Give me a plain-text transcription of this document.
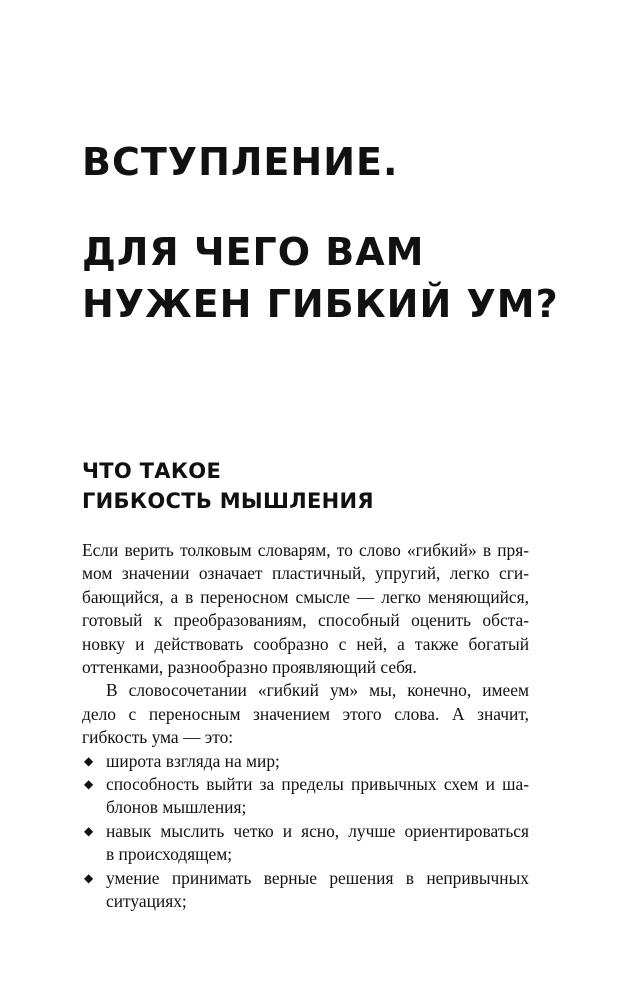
ВСТУПЛЕНИЕ.
ДЛЯ ЧЕГО ВАМ
НУЖЕН ГИБКИЙ УМ?
ЧТО ТАКОЕ
ГИБКОСТЬ МЫШЛЕНИЯ

Если верить толковым словарям, то слово «гибкий» в пря-
мом значении означает пластичный, упругий, легко сги-
бающийся, а в переносном смысле — легко меняющийся,
готовый к преобразованиям, способный оценить обста-
новку и действовать сообразно с ней, а также богатый
оттенками, разнообразно проявляющий себя.

В словосочетании «гибкий ум» мы, конечно, имеем
дело с переносным значением этого слова. А значит,
гибкость ума — это:

◆ широта взгляда на мир;
◆ способность выйти за пределы привычных схем и ша-
блонов мышления;
◆ навык мыслить четко и ясно, лучше ориентироваться
в происходящем;
◆ умение принимать верные решения в непривычных
ситуациях;
